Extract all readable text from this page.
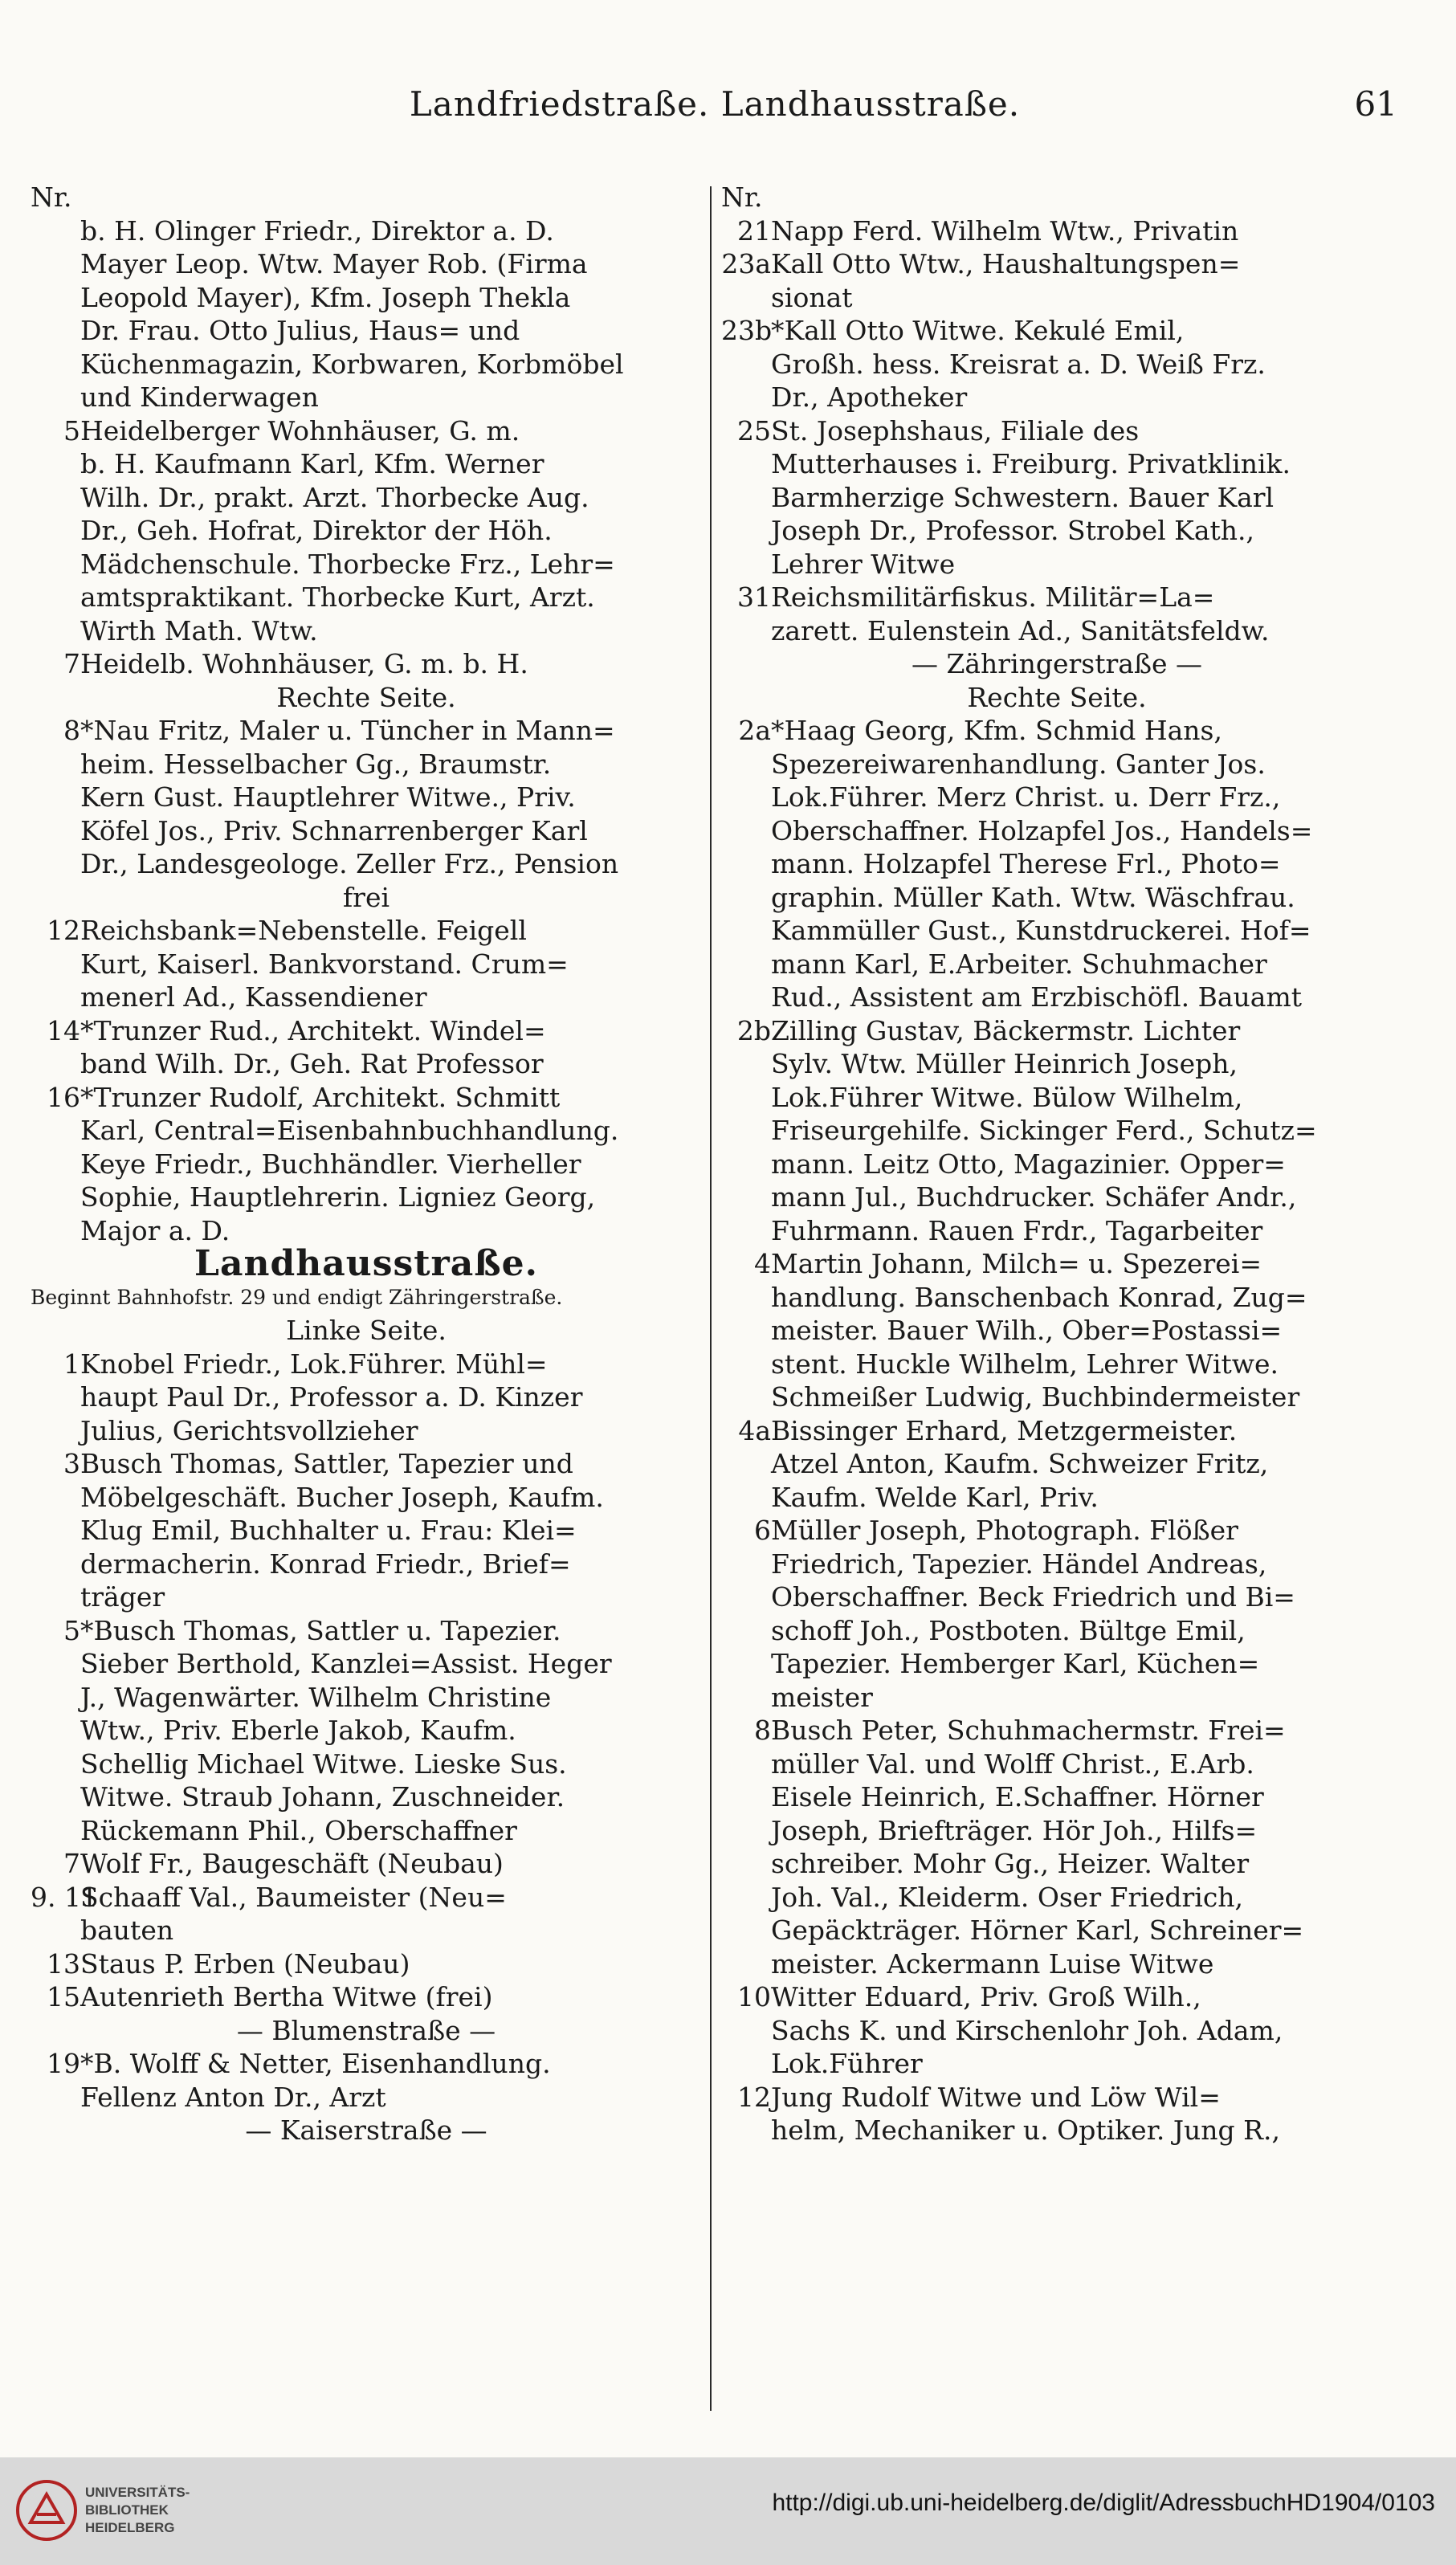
Landfriedstraße. Landhausstraße.	61
Nr.
b. H. Olinger Friedr., Direktor a. D.
Mayer Leop. Wtw. Mayer Rob. (Firma
Leopold Mayer), Kfm. Joseph Thekla
Dr. Frau. Otto Julius, Haus= und
Küchenmagazin, Korbwaren, Korbmöbel
und Kinderwagen
5 Heidelberger Wohnhäuser, G. m.
b. H. Kaufmann Karl, Kfm. Werner
Wilh. Dr., prakt. Arzt. Thorbecke Aug.
Dr., Geh. Hofrat, Direktor der Höh.
Mädchenschule. Thorbecke Frz., Lehr=
amtspraktikant. Thorbecke Kurt, Arzt.
Wirth Math. Wtw.
7 Heidelb. Wohnhäuser, G. m. b. H.
Rechte Seite.
8 *Nau Fritz, Maler u. Tüncher in Mann=
heim. Hesselbacher Gg., Braumstr.
Kern Gust. Hauptlehrer Witwe., Priv.
Köfel Jos., Priv. Schnarrenberger Karl
Dr., Landesgeologe. Zeller Frz., Pension
frei
12 Reichsbank=Nebenstelle. Feigell
Kurt, Kaiserl. Bankvorstand. Crum=
menerl Ad., Kassendiener
14 *Trunzer Rud., Architekt. Windel=
band Wilh. Dr., Geh. Rat Professor
16 *Trunzer Rudolf, Architekt. Schmitt
Karl, Central=Eisenbahnbuchhandlung.
Keye Friedr., Buchhändler. Vierheller
Sophie, Hauptlehrerin. Ligniez Georg,
Major a. D.
Landhausstraße.
Beginnt Bahnhofstr. 29 und endigt Zähringerstraße.
Linke Seite.
1 Knobel Friedr., Lok.Führer. Mühl=
haupt Paul Dr., Professor a. D. Kinzer
Julius, Gerichtsvollzieher
3 Busch Thomas, Sattler, Tapezier und
Möbelgeschäft. Bucher Joseph, Kaufm.
Klug Emil, Buchhalter u. Frau: Klei=
dermacherin. Konrad Friedr., Brief=
träger
5 *Busch Thomas, Sattler u. Tapezier.
Sieber Berthold, Kanzlei=Assist. Heger
J., Wagenwärter. Wilhelm Christine
Wtw., Priv. Eberle Jakob, Kaufm.
Schellig Michael Witwe. Lieske Sus.
Witwe. Straub Johann, Zuschneider.
Rückemann Phil., Oberschaffner
7 Wolf Fr., Baugeschäft (Neubau)
9. 11
Schaaff Val., Baumeister (Neu=
bauten
13 Staus P. Erben (Neubau)
15 Autenrieth Bertha Witwe (frei)
— Blumenstraße —
19 *B. Wolff & Netter, Eisenhandlung.
Fellenz Anton Dr., Arzt
— Kaiserstraße —
Nr.
21 Napp Ferd. Wilhelm Wtw., Privatin
23a Kall Otto Wtw., Haushaltungspen=
sionat
23b
*Kall Otto Witwe. Kekulé Emil,
Großh. hess. Kreisrat a. D. Weiß Frz.
Dr., Apotheker
25 St. Josephshaus, Filiale des
Mutterhauses i. Freiburg. Privatklinik.
Barmherzige Schwestern. Bauer Karl
Joseph Dr., Professor. Strobel Kath.,
Lehrer Witwe
31 Reichsmilitärfiskus. Militär=La=
zarett. Eulenstein Ad., Sanitätsfeldw.
— Zähringerstraße —
Rechte Seite.
2a *Haag Georg, Kfm. Schmid Hans,
Spezereiwarenhandlung. Ganter Jos.
Lok.Führer. Merz Christ. u. Derr Frz.,
Oberschaffner. Holzapfel Jos., Handels=
mann. Holzapfel Therese Frl., Photo=
graphin. Müller Kath. Wtw. Wäschfrau.
Kammüller Gust., Kunstdruckerei. Hof=
mann Karl, E.Arbeiter. Schuhmacher
Rud., Assistent am Erzbischöfl. Bauamt
2b Zilling Gustav, Bäckermstr. Lichter
Sylv. Wtw. Müller Heinrich Joseph,
Lok.Führer Witwe. Bülow Wilhelm,
Friseurgehilfe. Sickinger Ferd., Schutz=
mann. Leitz Otto, Magazinier. Opper=
mann Jul., Buchdrucker. Schäfer Andr.,
Fuhrmann. Rauen Frdr., Tagarbeiter
4 Martin Johann, Milch= u. Spezerei=
handlung. Banschenbach Konrad, Zug=
meister. Bauer Wilh., Ober=Postassi=
stent. Huckle Wilhelm, Lehrer Witwe.
Schmeißer Ludwig, Buchbindermeister
4a Bissinger Erhard, Metzgermeister.
Atzel Anton, Kaufm. Schweizer Fritz,
Kaufm. Welde Karl, Priv.
6 Müller Joseph, Photograph. Flößer
Friedrich, Tapezier. Händel Andreas,
Oberschaffner. Beck Friedrich und Bi=
schoff Joh., Postboten. Bültge Emil,
Tapezier. Hemberger Karl, Küchen=
meister
8 Busch Peter, Schuhmachermstr. Frei=
müller Val. und Wolff Christ., E.Arb.
Eisele Heinrich, E.Schaffner. Hörner
Joseph, Briefträger. Hör Joh., Hilfs=
schreiber. Mohr Gg., Heizer. Walter
Joh. Val., Kleiderm. Oser Friedrich,
Gepäckträger. Hörner Karl, Schreiner=
meister. Ackermann Luise Witwe
10 Witter Eduard, Priv. Groß Wilh.,
Sachs K. und Kirschenlohr Joh. Adam,
Lok.Führer
12 Jung Rudolf Witwe und Löw Wil=
helm, Mechaniker u. Optiker. Jung R.,
UNIVERSITÄTS-
BIBLIOTHEK
HEIDELBERG
http://digi.ub.uni-heidelberg.de/diglit/AdressbuchHD1904/0103
